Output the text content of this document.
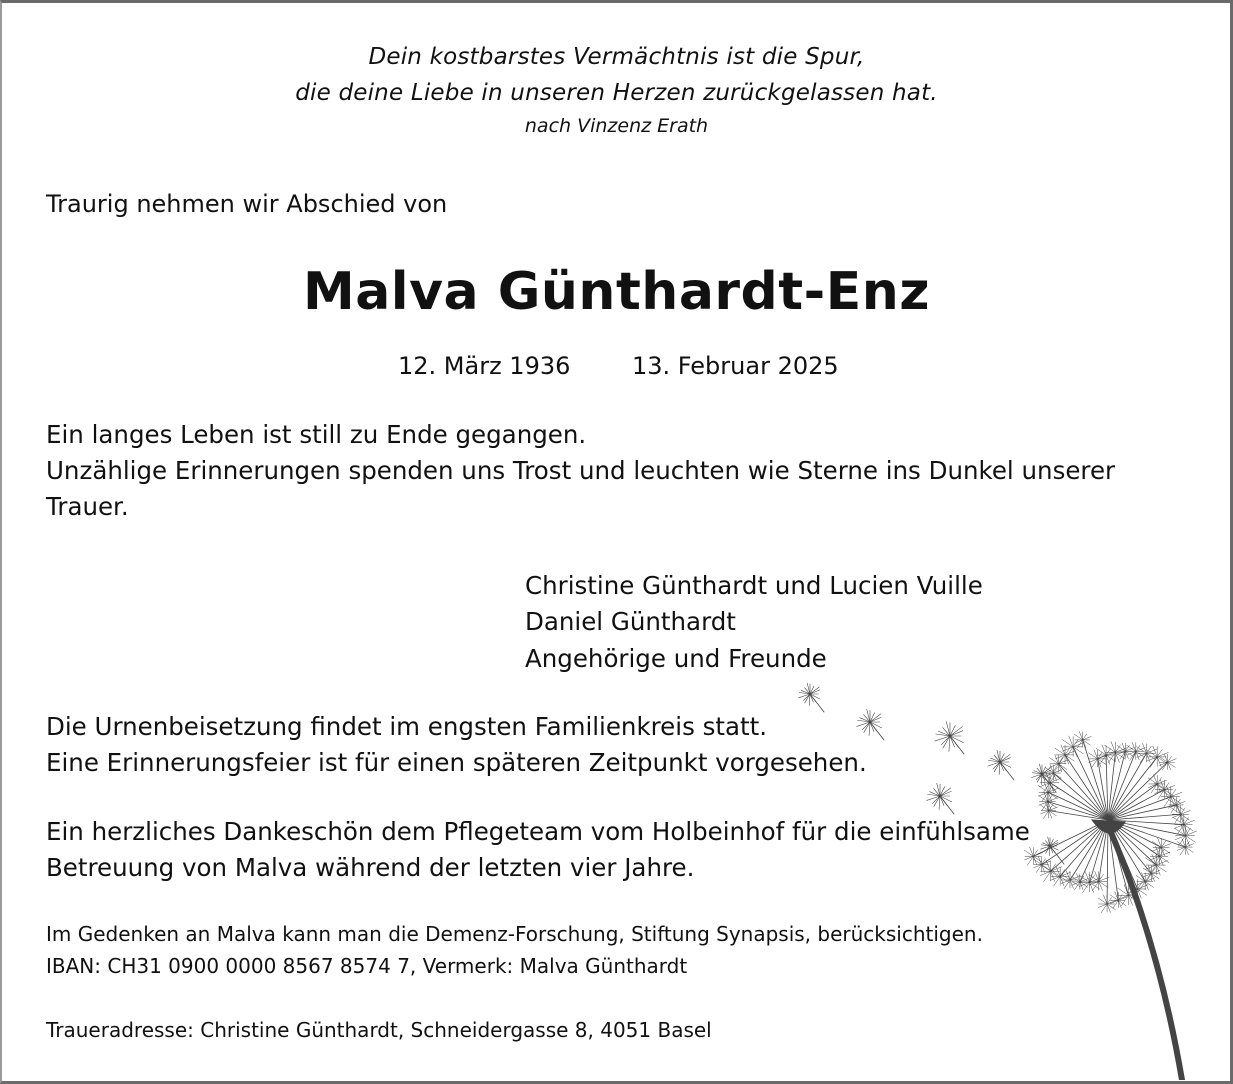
Dein kostbarstes Vermächtnis ist die Spur,
die deine Liebe in unseren Herzen zurückgelassen hat.
nach Vinzenz Erath
Traurig nehmen wir Abschied von
Malva Günthardt-Enz
12. März 1936	13. Februar 2025
Ein langes Leben ist still zu Ende gegangen.
Unzählige Erinnerungen spenden uns Trost und leuchten wie Sterne ins Dunkel unserer
Trauer.
Christine Günthardt und Lucien Vuille
Daniel Günthardt
Angehörige und Freunde
Die Urnenbeisetzung findet im engsten Familienkreis statt.
Eine Erinnerungsfeier ist für einen späteren Zeitpunkt vorgesehen.
Ein herzliches Dankeschön dem Pflegeteam vom Holbeinhof für die einfühlsame
Betreuung von Malva während der letzten vier Jahre.
Im Gedenken an Malva kann man die Demenz-Forschung, Stiftung Synapsis, berücksichtigen.
IBAN: CH31 0900 0000 8567 8574 7, Vermerk: Malva Günthardt
Traueradresse: Christine Günthardt, Schneidergasse 8, 4051 Basel
